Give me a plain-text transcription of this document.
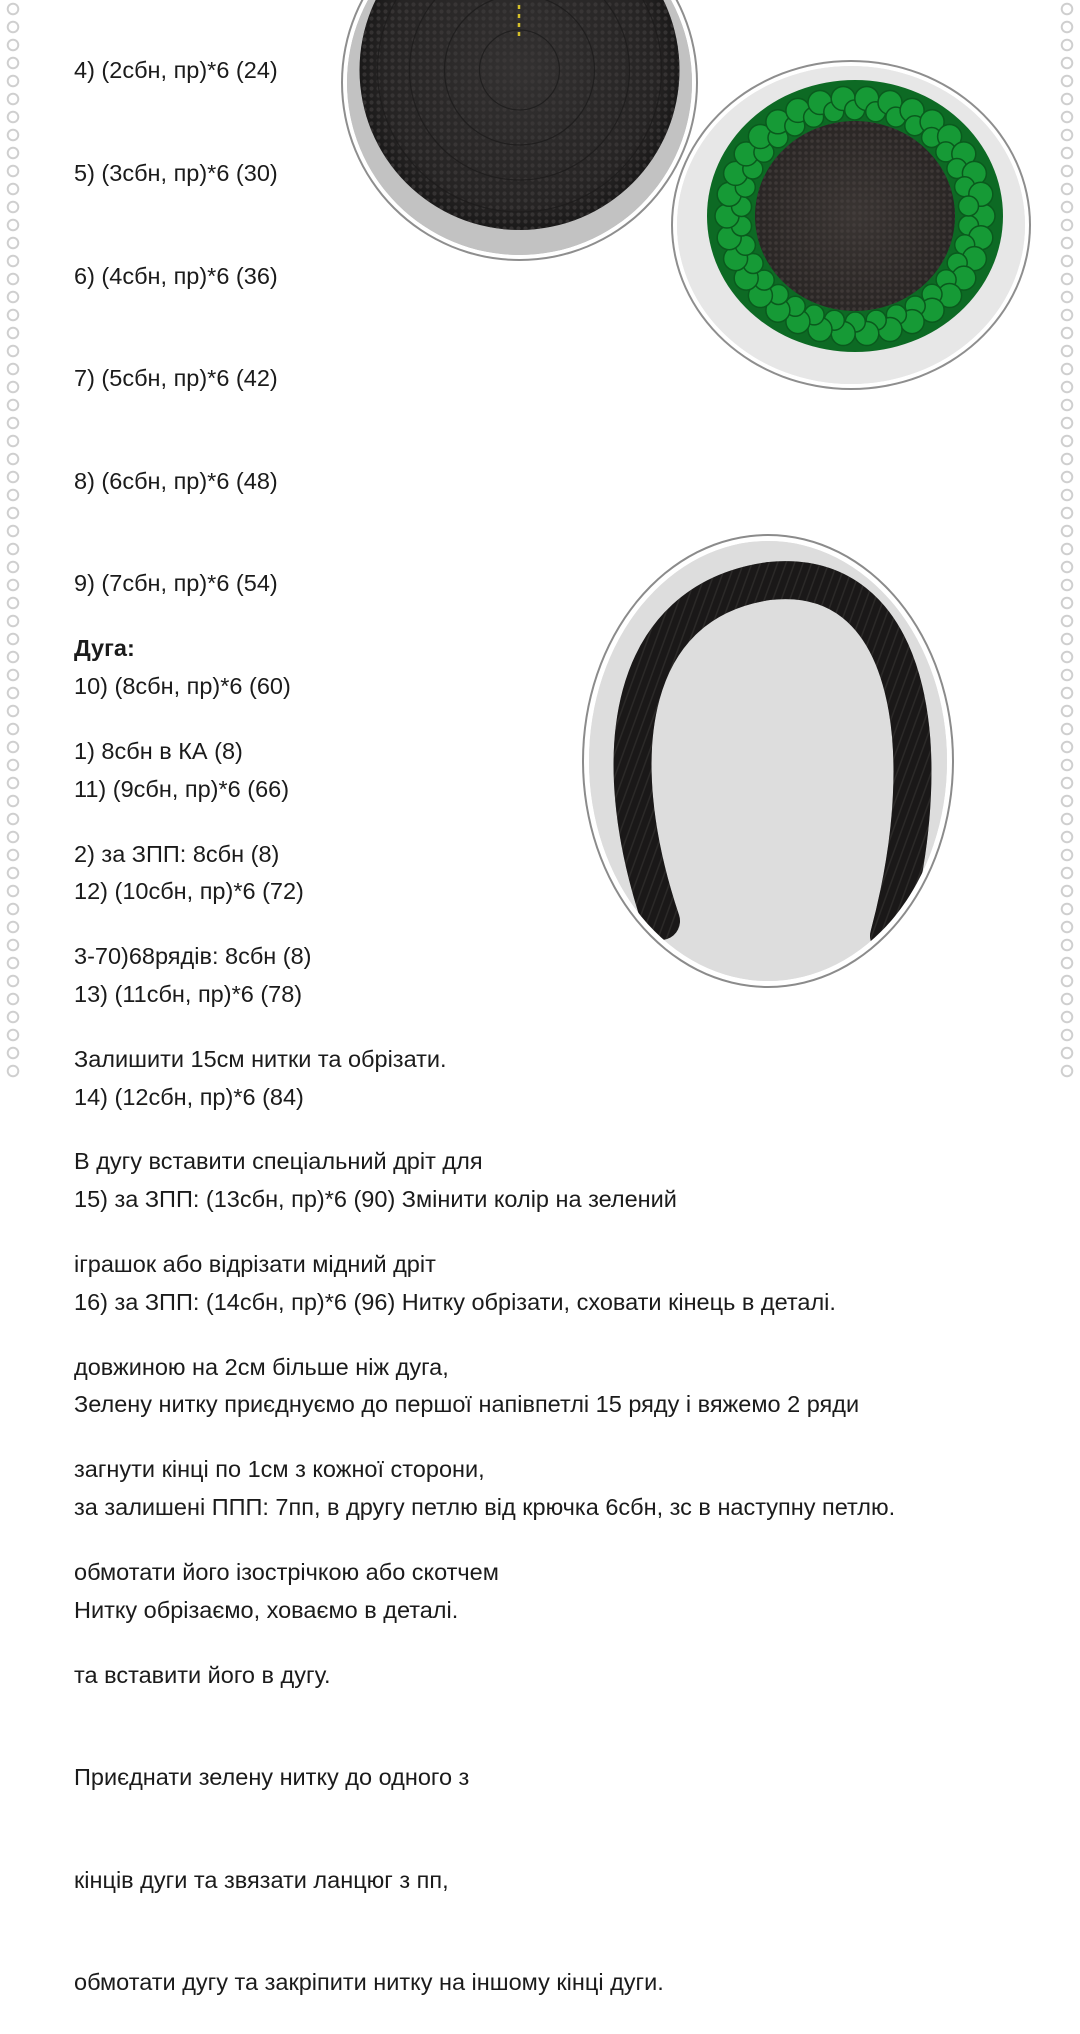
4) (2сбн, пр)*6 (24)

5) (3сбн, пр)*6 (30)

6) (4сбн, пр)*6 (36)

7) (5сбн, пр)*6 (42)

8) (6сбн, пр)*6 (48)

9) (7сбн, пр)*6 (54)

10) (8сбн, пр)*6 (60)

11) (9сбн, пр)*6 (66)

12) (10сбн, пр)*6 (72)

13) (11сбн, пр)*6 (78)

14) (12сбн, пр)*6 (84)

15) за ЗПП: (13сбн, пр)*6 (90) Змінити колір на зелений

16) за ЗПП: (14сбн, пр)*6 (96) Нитку обрізати, сховати кінець в деталі.

Зелену нитку приєднуємо до першої напівпетлі 15 ряду і вяжемо 2 ряди

за залишені ППП: 7пп, в другу петлю від крючка 6сбн, зс в наступну петлю.

Нитку обрізаємо, ховаємо в деталі.

Дуга:

1) 8сбн в КА (8)

2) за ЗПП: 8сбн (8)

3-70)68рядів: 8сбн (8)

Залишити 15см нитки та обрізати.

В дугу вставити спеціальний дріт для

іграшок або відрізати мідний дріт

довжиною на 2см більше ніж дуга,

загнути кінці по 1см з кожної сторони,

обмотати його ізострічкою або скотчем

та вставити його в дугу.

Приєднати зелену нитку до одного з

кінців дуги та звязати ланцюг з пп,

обмотати дугу та закріпити нитку на іншому кінці дуги.
